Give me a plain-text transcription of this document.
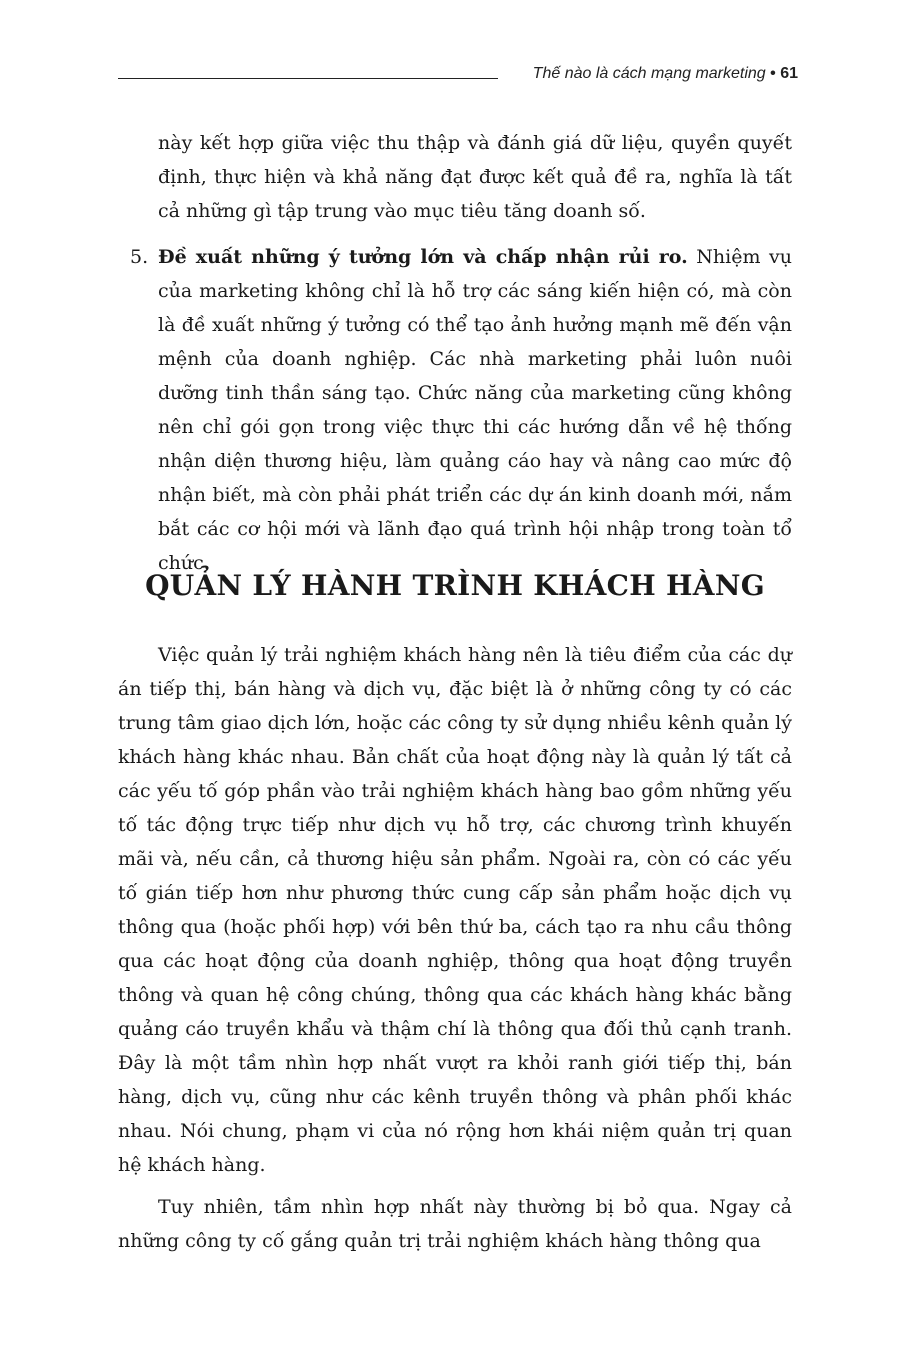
Thế nào là cách mạng marketing • 61

này kết hợp giữa việc thu thập và đánh giá dữ liệu, quyền quyết định, thực hiện và khả năng đạt được kết quả đề ra, nghĩa là tất cả những gì tập trung vào mục tiêu tăng doanh số.

5. Đề xuất những ý tưởng lớn và chấp nhận rủi ro. Nhiệm vụ của marketing không chỉ là hỗ trợ các sáng kiến hiện có, mà còn là đề xuất những ý tưởng có thể tạo ảnh hưởng mạnh mẽ đến vận mệnh của doanh nghiệp. Các nhà marketing phải luôn nuôi dưỡng tinh thần sáng tạo. Chức năng của marketing cũng không nên chỉ gói gọn trong việc thực thi các hướng dẫn về hệ thống nhận diện thương hiệu, làm quảng cáo hay và nâng cao mức độ nhận biết, mà còn phải phát triển các dự án kinh doanh mới, nắm bắt các cơ hội mới và lãnh đạo quá trình hội nhập trong toàn tổ chức.

QUẢN LÝ HÀNH TRÌNH KHÁCH HÀNG

Việc quản lý trải nghiệm khách hàng nên là tiêu điểm của các dự án tiếp thị, bán hàng và dịch vụ, đặc biệt là ở những công ty có các trung tâm giao dịch lớn, hoặc các công ty sử dụng nhiều kênh quản lý khách hàng khác nhau. Bản chất của hoạt động này là quản lý tất cả các yếu tố góp phần vào trải nghiệm khách hàng bao gồm những yếu tố tác động trực tiếp như dịch vụ hỗ trợ, các chương trình khuyến mãi và, nếu cần, cả thương hiệu sản phẩm. Ngoài ra, còn có các yếu tố gián tiếp hơn như phương thức cung cấp sản phẩm hoặc dịch vụ thông qua (hoặc phối hợp) với bên thứ ba, cách tạo ra nhu cầu thông qua các hoạt động của doanh nghiệp, thông qua hoạt động truyền thông và quan hệ công chúng, thông qua các khách hàng khác bằng quảng cáo truyền khẩu và thậm chí là thông qua đối thủ cạnh tranh. Đây là một tầm nhìn hợp nhất vượt ra khỏi ranh giới tiếp thị, bán hàng, dịch vụ, cũng như các kênh truyền thông và phân phối khác nhau. Nói chung, phạm vi của nó rộng hơn khái niệm quản trị quan hệ khách hàng.

Tuy nhiên, tầm nhìn hợp nhất này thường bị bỏ qua. Ngay cả những công ty cố gắng quản trị trải nghiệm khách hàng thông qua
